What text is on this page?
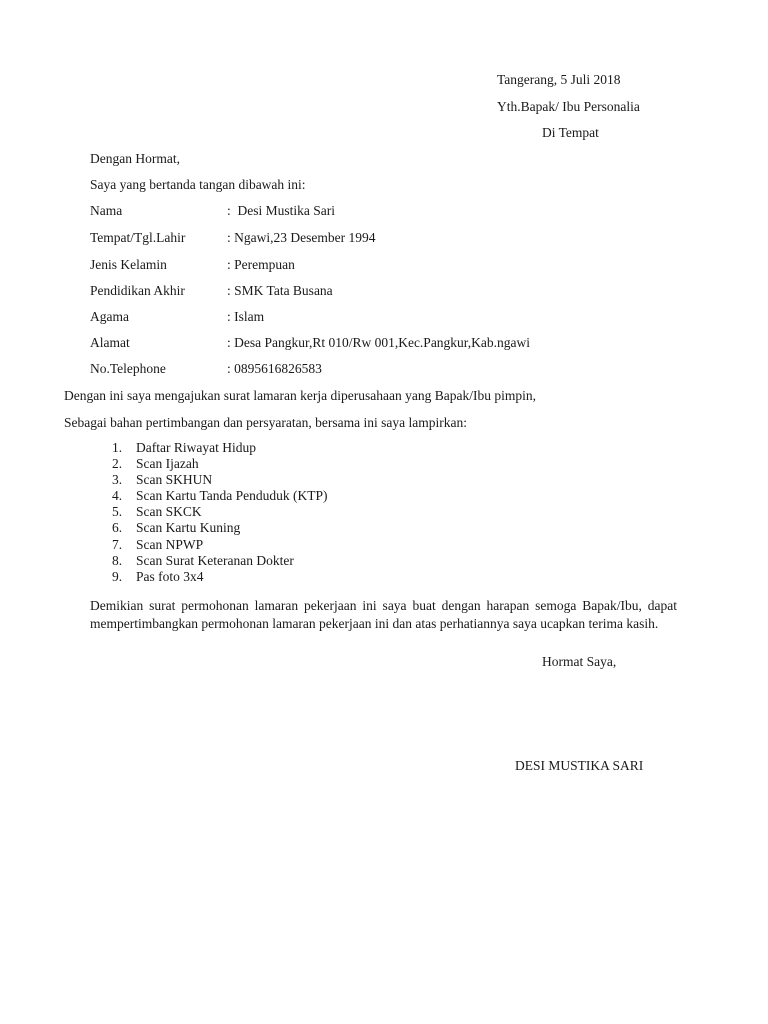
Tangerang, 5 Juli 2018
Yth.Bapak/ Ibu Personalia
Di Tempat
Dengan Hormat,
Saya yang bertanda tangan dibawah ini:
Nama	:  Desi Mustika Sari
Tempat/Tgl.Lahir	: Ngawi,23 Desember 1994
Jenis Kelamin	: Perempuan
Pendidikan Akhir	: SMK Tata Busana
Agama	: Islam
Alamat	: Desa Pangkur,Rt 010/Rw 001,Kec.Pangkur,Kab.ngawi
No.Telephone	: 0895616826583
Dengan ini saya mengajukan surat lamaran kerja diperusahaan yang Bapak/Ibu pimpin,
Sebagai bahan pertimbangan dan persyaratan, bersama ini saya lampirkan:
1. Daftar Riwayat Hidup
2. Scan Ijazah
3. Scan SKHUN
4. Scan Kartu Tanda Penduduk (KTP)
5. Scan SKCK
6. Scan Kartu Kuning
7. Scan NPWP
8. Scan Surat Keteranan Dokter
9. Pas foto 3x4
Demikian surat permohonan lamaran pekerjaan ini saya buat dengan harapan semoga Bapak/Ibu, dapat mempertimbangkan permohonan lamaran pekerjaan ini dan atas perhatiannya saya ucapkan terima kasih.
Hormat Saya,
DESI MUSTIKA SARI
